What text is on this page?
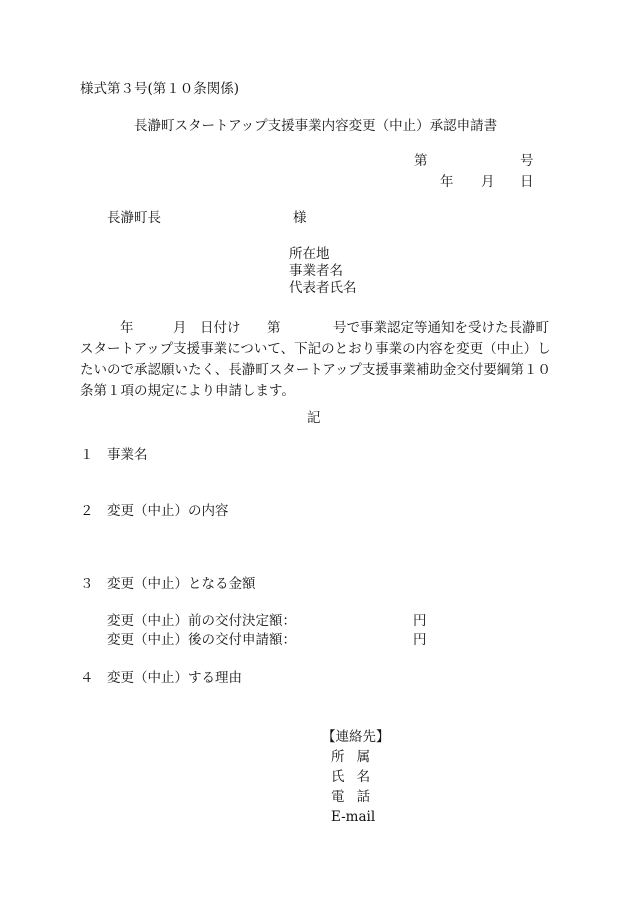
様式第３号(第１０条関係)
長瀞町スタートアップ支援事業内容変更（中止）承認申請書
第	号
年 月 日
長瀞町長	様
所在地
事業者名
代表者氏名
年	月 日付け 第	号で事業認定等通知を受けた長瀞町
スタートアップ支援事業について、下記のとおり事業の内容を変更（中止）し
たいので承認願いたく、長瀞町スタートアップ支援事業補助金交付要綱第１０
条第１項の規定により申請します。
記
１ 事業名
２ 変更（中止）の内容
３ 変更（中止）となる金額
変更（中止）前の交付決定額：	円
変更（中止）後の交付申請額：	円
４ 変更（中止）する理由
【連絡先】
所属
氏名
電話
E-mail
